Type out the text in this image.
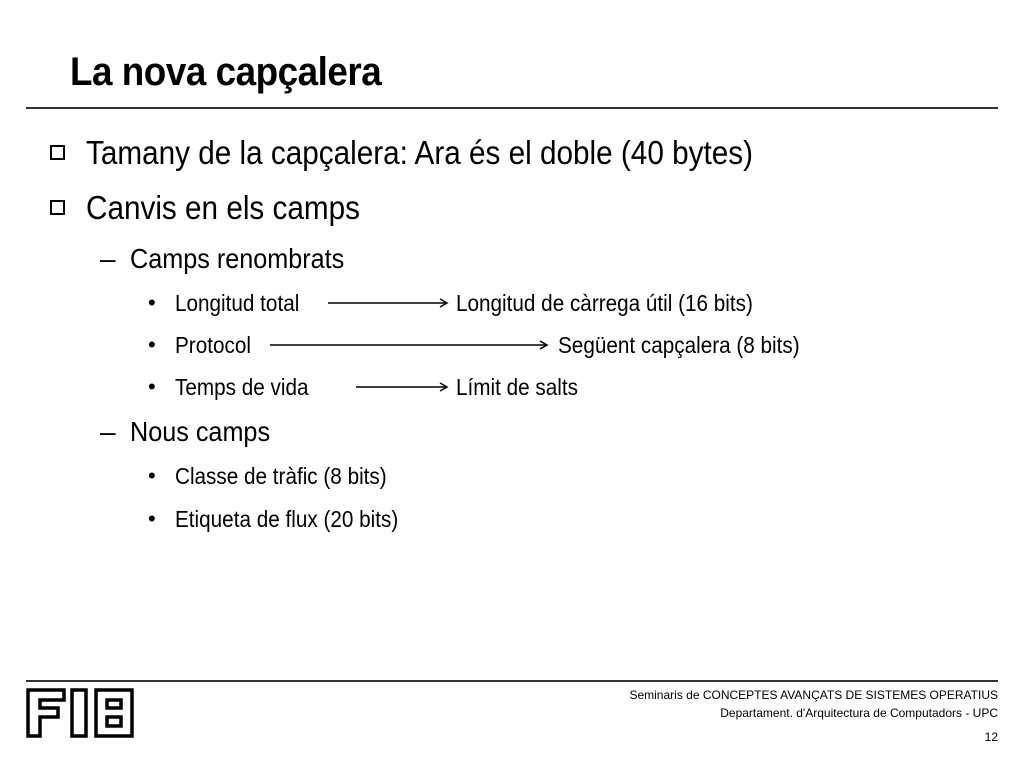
La nova capçalera
Tamany de la capçalera: Ara és el doble (40 bytes)
Canvis en els camps
– Camps renombrats
• Longitud total	Longitud de càrrega útil (16 bits)
• Protocol	Següent capçalera (8 bits)
• Temps de vida	Límit de salts
– Nous camps
• Classe de tràfic (8 bits)
• Etiqueta de flux (20 bits)
Seminaris de CONCEPTES AVANÇATS DE SISTEMES OPERATIUS
Departament. d'Arquitectura de Computadors - UPC
12
